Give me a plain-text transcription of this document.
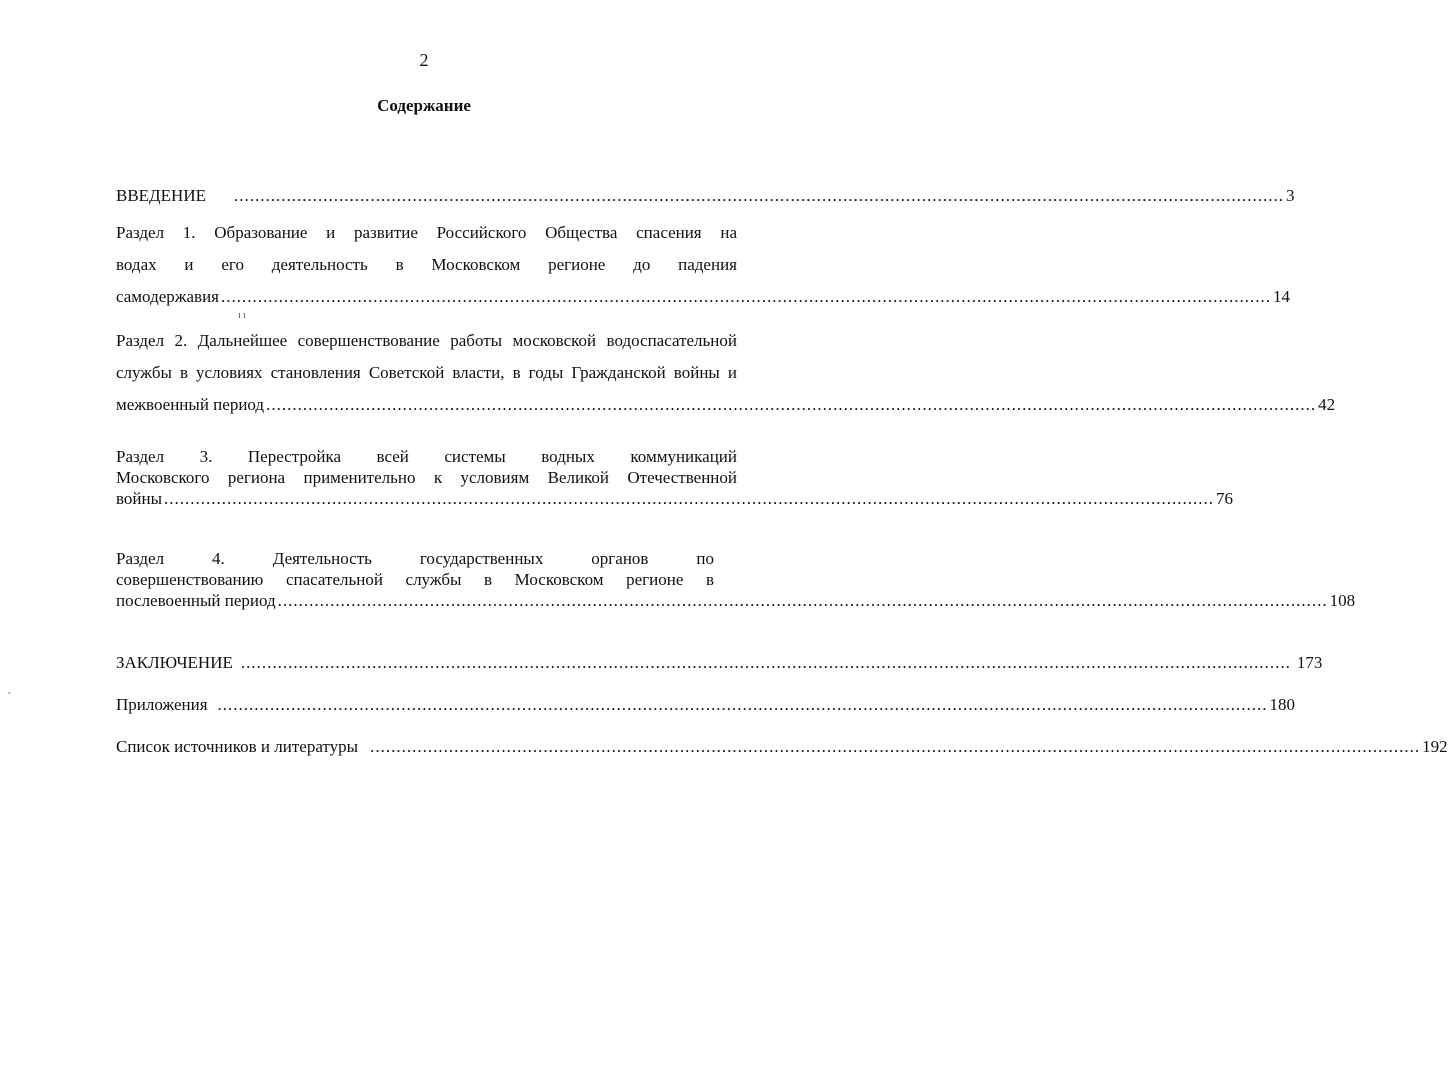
2
Содержание
ВВЕДЕНИЕ ........................................................................................................................................................................................................ 3
Раздел 1. Образование и развитие Российского Общества спасения на
водах и его деятельность в Московском регионе до падения
самодержавия ........................................................................................................................................................................................................ 14
ı ı
Раздел 2. Дальнейшее совершенствование работы московской водоспасательной
службы в условиях становления Советской власти, в годы Гражданской войны и
межвоенный период ........................................................................................................................................................................................................ 42
Раздел 3. Перестройка всей системы водных коммуникаций
Московского региона применительно к условиям Великой Отечественной
войны ........................................................................................................................................................................................................ 76
Раздел 4. Деятельность государственных органов по
совершенствованию спасательной службы в Московском регионе в
послевоенный период ........................................................................................................................................................................................................ 108
ЗАКЛЮЧЕНИЕ ........................................................................................................................................................................................................ 173
˛
Приложения ........................................................................................................................................................................................................ 180
Список источников и литературы ........................................................................................................................................................................................................ 192
